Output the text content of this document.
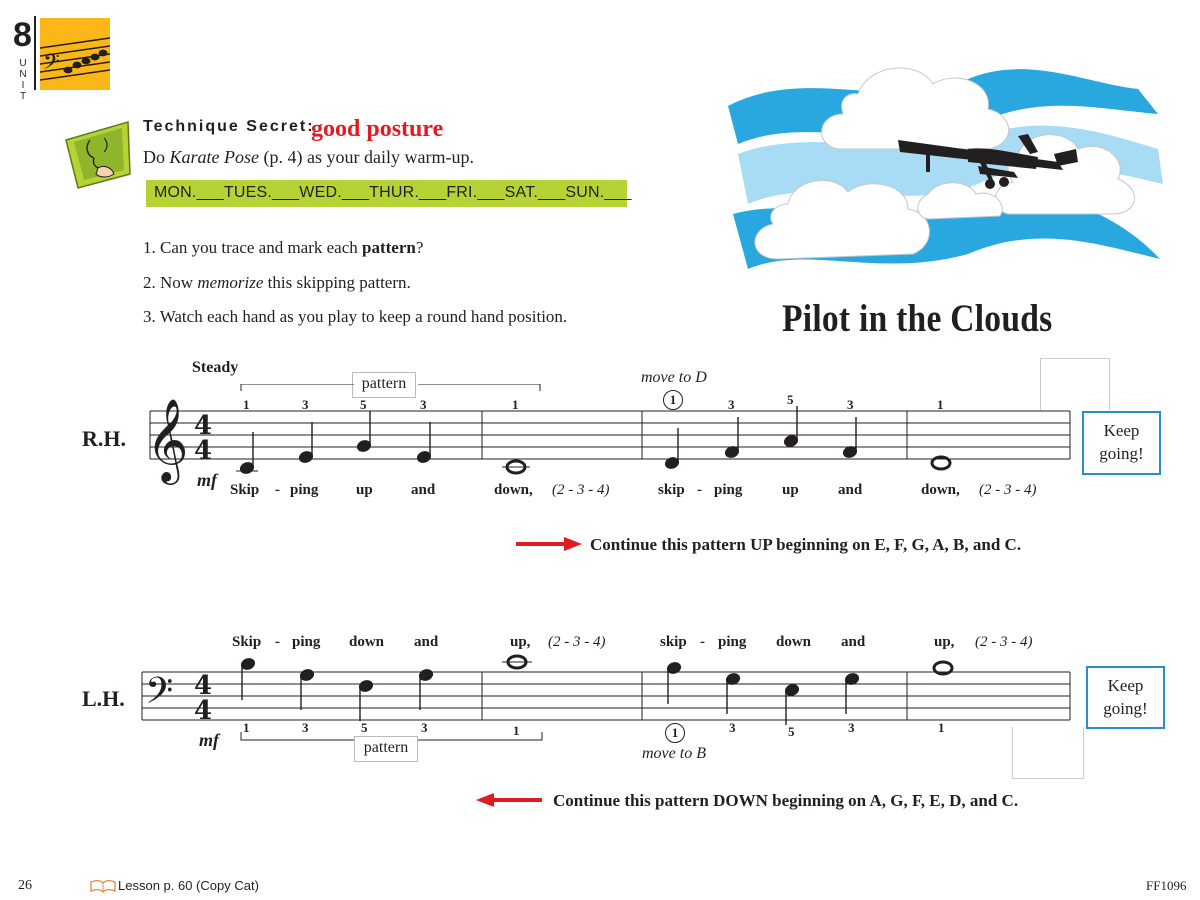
8
U
N
I
T
𝄢
Technique Secret:
good posture
Do Karate Pose (p. 4) as your daily warm-up.
MON.___TUES.___WED.___THUR.___FRI.___SAT.___SUN.___
1. Can you trace and mark each pattern?
2. Now memorize this skipping pattern.
3. Watch each hand as you play to keep a round hand position.	Pilot in the Clouds
Steady
R.H.
pattern	move to D
𝄞 4
4
1
1	3	5	3	1	3	5	3	1
mf Skip - ping	up	and	down, (2 - 3 - 4)	skip - ping	up	and	down, (2 - 3 - 4)
Keep
going!
Continue this pattern UP beginning on E, F, G, A, B, and C.
Skip - ping down and	up, (2 - 3 - 4)	skip - ping down and	up, (2 - 3 - 4)
L.H. 𝄢 4
4
1	3	5	3	1	3	5	3	1
1
move to B
pattern
mf
Keep
going!
Continue this pattern DOWN beginning on A, G, F, E, D, and C.
26	Lesson p. 60 (Copy Cat)	FF1096
